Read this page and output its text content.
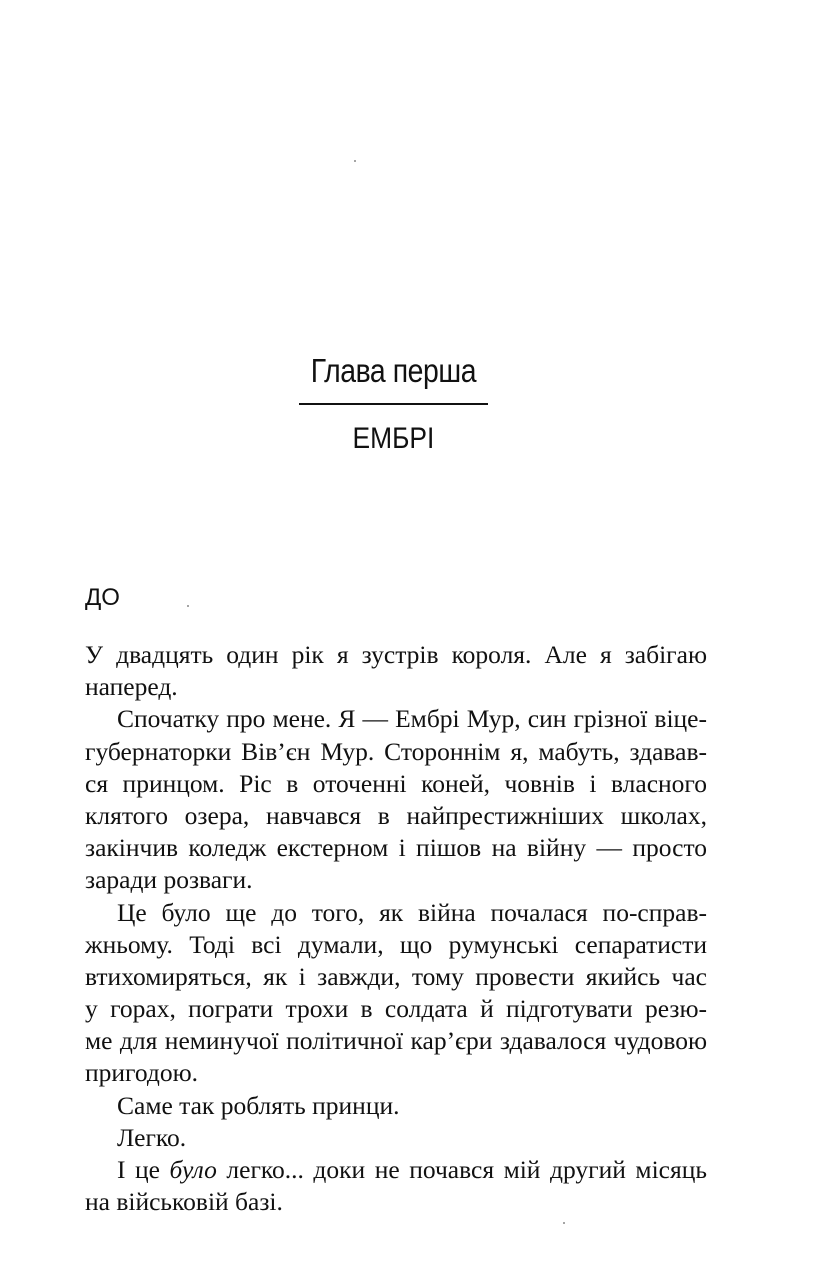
Глава перша
ЕМБРІ
ДО
У двадцять один рік я зустрів короля. Але я забігаю
наперед.
Спочатку про мене. Я — Ембрі Мур, син грізної віце-
губернаторки Вів’єн Мур. Стороннім я, мабуть, здавав-
ся принцом. Ріс в оточенні коней, човнів і власного
клятого озера, навчався в найпрестижніших школах,
закінчив коледж екстерном і пішов на війну — просто
заради розваги.
Це було ще до того, як війна почалася по-справ-
жньому. Тоді всі думали, що румунські сепаратисти
втихомиряться, як і завжди, тому провести якийсь час
у горах, пограти трохи в солдата й підготувати резю-
ме для неминучої політичної кар’єри здавалося чудовою
пригодою.
Саме так роблять принци.
Легко.
І це було легко... доки не почався мій другий місяць
на військовій базі.
